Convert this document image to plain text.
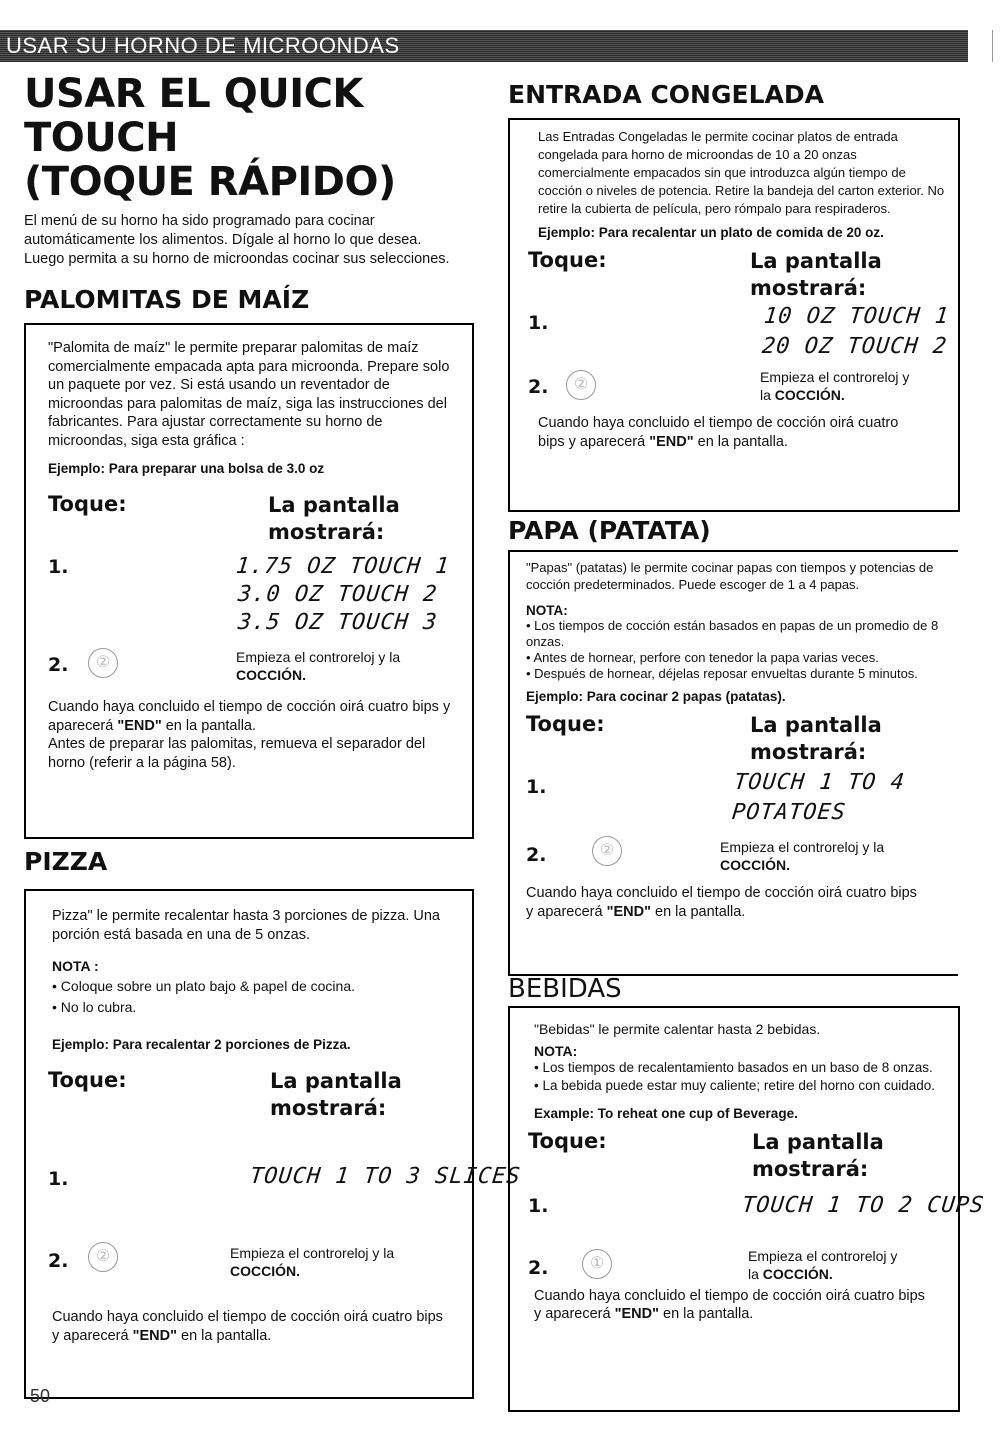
USAR SU HORNO DE MICROONDAS
USAR EL QUICK TOUCH
(TOQUE RÁPIDO)

El menú de su horno ha sido programado para cocinar automáticamente los alimentos. Dígale al horno lo que desea. Luego permita a su horno de microondas cocinar sus selecciones.

PALOMITAS DE MAÍZ

"Palomita de maíz" le permite preparar palomitas de maíz comercialmente empacada apta para microonda. Prepare solo un paquete por vez. Si está usando un reventador de microondas para palomitas de maíz, siga las instrucciones del fabricantes. Para ajustar correctamente su horno de microondas, siga esta gráfica :

Ejemplo: Para preparar una bolsa de 3.0 oz
Toque:	La pantalla
mostrará:
1.	1.75 OZ TOUCH 1
3.0 OZ TOUCH 2
3.5 OZ TOUCH 3
2.	②	Empieza el controreloj y la
COCCIÓN.

Cuando haya concluido el tiempo de cocción oirá cuatro bips y aparecerá "END" en la pantalla.

Antes de preparar las palomitas, remueva el separador del horno (referir a la página 58).

PIZZA

Pizza" le permite recalentar hasta 3 porciones de pizza. Una porción está basada en una de 5 onzas.

NOTA :
• Coloque sobre un plato bajo & papel de cocina.
• No lo cubra.
Ejemplo: Para recalentar 2 porciones de Pizza.
Toque:	La pantalla
mostrará:
1.	TOUCH 1 TO 3 SLICES
2.	②	Empieza el controreloj y la
COCCIÓN.

Cuando haya concluido el tiempo de cocción oirá cuatro bips y aparecerá "END" en la pantalla.

50
ENTRADA CONGELADA

Las Entradas Congeladas le permite cocinar platos de entrada congelada para horno de microondas de 10 a 20 onzas comercialmente empacados sin que introduzca algún tiempo de cocción o niveles de potencia. Retire la bandeja del carton exterior. No retire la cubierta de película, pero rómpalo para respiraderos.

Ejemplo: Para recalentar un plato de comida de 20 oz.
Toque:	La pantalla
mostrará:
1.	10 OZ TOUCH 1
20 OZ TOUCH 2
2.	②	Empieza el controreloj y
la COCCIÓN.

Cuando haya concluido el tiempo de cocción oirá cuatro bips y aparecerá "END" en la pantalla.

PAPA (PATATA)

"Papas" (patatas) le permite cocinar papas con tiempos y potencias de cocción predeterminados. Puede escoger de 1 a 4 papas.

NOTA:
• Los tiempos de cocción están basados en papas de un promedio de 8 onzas.
• Antes de hornear, perfore con tenedor la papa varias veces.
• Después de hornear, déjelas reposar envueltas durante 5 minutos.
Ejemplo: Para cocinar 2 papas (patatas).
Toque:	La pantalla
mostrará:
1.	TOUCH 1 TO 4
POTATOES
2.	②	Empieza el controreloj y la
COCCIÓN.

Cuando haya concluido el tiempo de cocción oirá cuatro bips y aparecerá "END" en la pantalla.

BEBIDAS

"Bebidas" le permite calentar hasta 2 bebidas.

NOTA:
• Los tiempos de recalentamiento basados en un baso de 8 onzas.
• La bebida puede estar muy caliente; retire del horno con cuidado.
Example: To reheat one cup of Beverage.
Toque:	La pantalla
mostrará:
1.	TOUCH 1 TO 2 CUPS
2.	①	Empieza el controreloj y
la COCCIÓN.

Cuando haya concluido el tiempo de cocción oirá cuatro bips y aparecerá "END" en la pantalla.
